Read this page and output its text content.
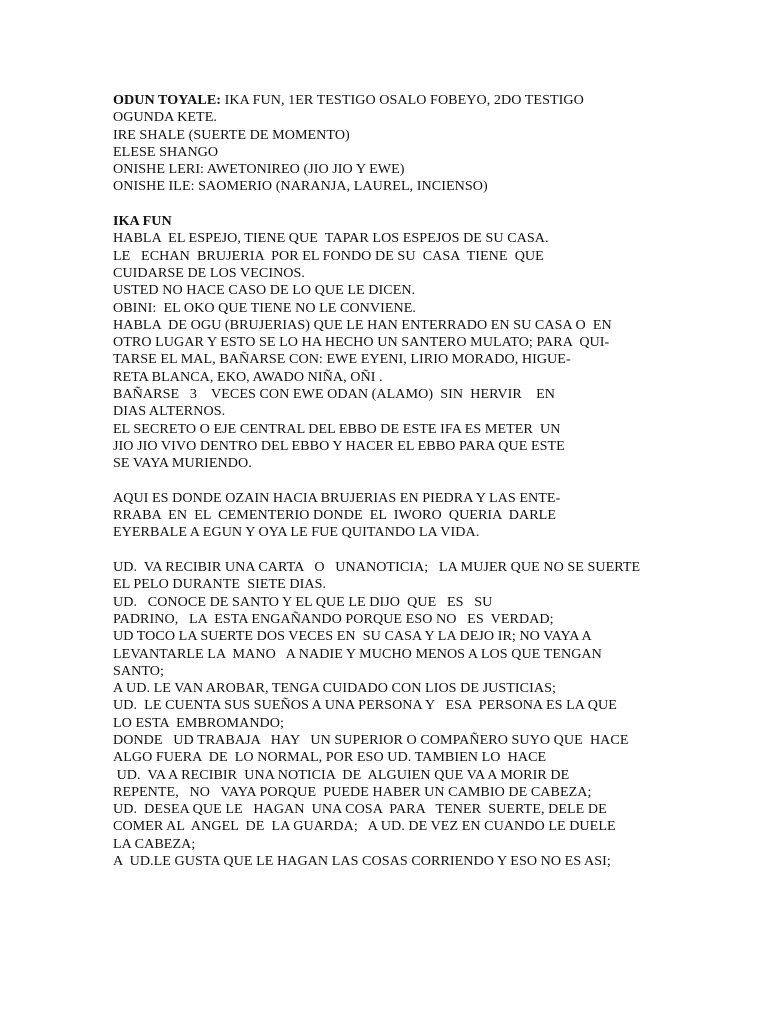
ODUN TOYALE: IKA FUN, 1ER TESTIGO OSALO FOBEYO, 2DO TESTIGO
OGUNDA KETE.
IRE SHALE (SUERTE DE MOMENTO)
ELESE SHANGO
ONISHE LERI: AWETONIREO (JIO JIO Y EWE)
ONISHE ILE: SAOMERIO (NARANJA, LAUREL, INCIENSO)
IKA FUN
HABLA  EL ESPEJO, TIENE QUE  TAPAR LOS ESPEJOS DE SU CASA.
LE   ECHAN  BRUJERIA  POR EL FONDO DE SU  CASA  TIENE  QUE
CUIDARSE DE LOS VECINOS.
USTED NO HACE CASO DE LO QUE LE DICEN.
OBINI:  EL OKO QUE TIENE NO LE CONVIENE.
HABLA  DE OGU (BRUJERIAS) QUE LE HAN ENTERRADO EN SU CASA O  EN
OTRO LUGAR Y ESTO SE LO HA HECHO UN SANTERO MULATO; PARA  QUI-
TARSE EL MAL, BAÑARSE CON: EWE EYENI, LIRIO MORADO, HIGUE-
RETA BLANCA, EKO, AWADO NIÑA, OÑI .
BAÑARSE   3    VECES CON EWE ODAN (ALAMO)  SIN  HERVIR    EN
DIAS ALTERNOS.
EL SECRETO O EJE CENTRAL DEL EBBO DE ESTE IFA ES METER  UN
JIO JIO VIVO DENTRO DEL EBBO Y HACER EL EBBO PARA QUE ESTE
SE VAYA MURIENDO.
AQUI ES DONDE OZAIN HACIA BRUJERIAS EN PIEDRA Y LAS ENTE-
RRABA  EN  EL  CEMENTERIO DONDE  EL  IWORO  QUERIA  DARLE
EYERBALE A EGUN Y OYA LE FUE QUITANDO LA VIDA.
UD.  VA RECIBIR UNA CARTA   O   UNANOTICIA;   LA MUJER QUE NO SE SUERTE
EL PELO DURANTE  SIETE DIAS.
UD.   CONOCE DE SANTO Y EL QUE LE DIJO  QUE   ES   SU
PADRINO,   LA  ESTA ENGAÑANDO PORQUE ESO NO   ES  VERDAD;
UD TOCO LA SUERTE DOS VECES EN  SU CASA Y LA DEJO IR; NO VAYA A
LEVANTARLE LA  MANO   A NADIE Y MUCHO MENOS A LOS QUE TENGAN
SANTO;
A UD. LE VAN AROBAR, TENGA CUIDADO CON LIOS DE JUSTICIAS;
UD.  LE CUENTA SUS SUEÑOS A UNA PERSONA Y   ESA  PERSONA ES LA QUE
LO ESTA  EMBROMANDO;
DONDE   UD TRABAJA   HAY   UN SUPERIOR O COMPAÑERO SUYO QUE  HACE
ALGO FUERA  DE  LO NORMAL, POR ESO UD. TAMBIEN LO  HACE
UD.  VA A RECIBIR  UNA NOTICIA  DE  ALGUIEN QUE VA A MORIR DE
REPENTE,   NO   VAYA PORQUE  PUEDE HABER UN CAMBIO DE CABEZA;
UD.  DESEA QUE LE   HAGAN  UNA COSA  PARA   TENER  SUERTE, DELE DE
COMER AL  ANGEL  DE  LA GUARDA;   A UD. DE VEZ EN CUANDO LE DUELE
LA CABEZA;
A  UD.LE GUSTA QUE LE HAGAN LAS COSAS CORRIENDO Y ESO NO ES ASI;
